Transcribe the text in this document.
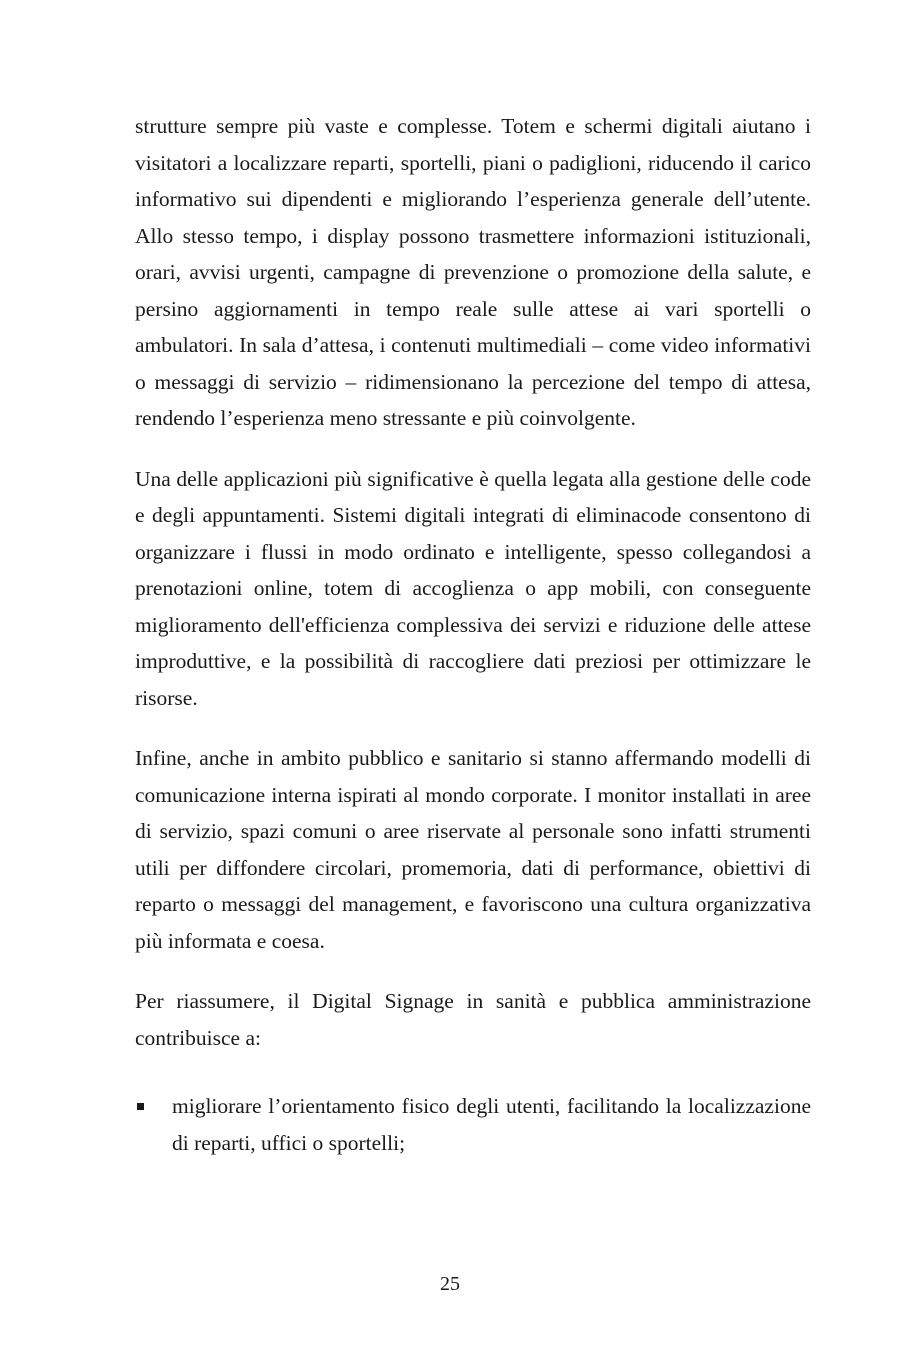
strutture sempre più vaste e complesse. Totem e schermi digitali aiutano i visitatori a localizzare reparti, sportelli, piani o padiglioni, riducendo il carico informativo sui dipendenti e migliorando l’esperienza generale dell’utente. Allo stesso tempo, i display possono trasmettere informazioni istituzionali, orari, avvisi urgenti, campagne di prevenzione o promozione della salute, e persino aggiornamenti in tempo reale sulle attese ai vari sportelli o ambulatori. In sala d’attesa, i contenuti multimediali – come video informativi o messaggi di servizio – ridimensionano la percezione del tempo di attesa, rendendo l’esperienza meno stressante e più coinvolgente.

Una delle applicazioni più significative è quella legata alla gestione delle code e degli appuntamenti. Sistemi digitali integrati di eliminacode consentono di organizzare i flussi in modo ordinato e intelligente, spesso collegandosi a prenotazioni online, totem di accoglienza o app mobili, con conseguente miglioramento dell'efficienza complessiva dei servizi e riduzione delle attese improduttive, e la possibilità di raccogliere dati preziosi per ottimizzare le risorse.

Infine, anche in ambito pubblico e sanitario si stanno affermando modelli di comunicazione interna ispirati al mondo corporate. I monitor installati in aree di servizio, spazi comuni o aree riservate al personale sono infatti strumenti utili per diffondere circolari, promemoria, dati di performance, obiettivi di reparto o messaggi del management, e favoriscono una cultura organizzativa più informata e coesa.

Per riassumere, il Digital Signage in sanità e pubblica amministrazione contribuisce a:

migliorare l’orientamento fisico degli utenti, facilitando la localizzazione di reparti, uffici o sportelli;
25
